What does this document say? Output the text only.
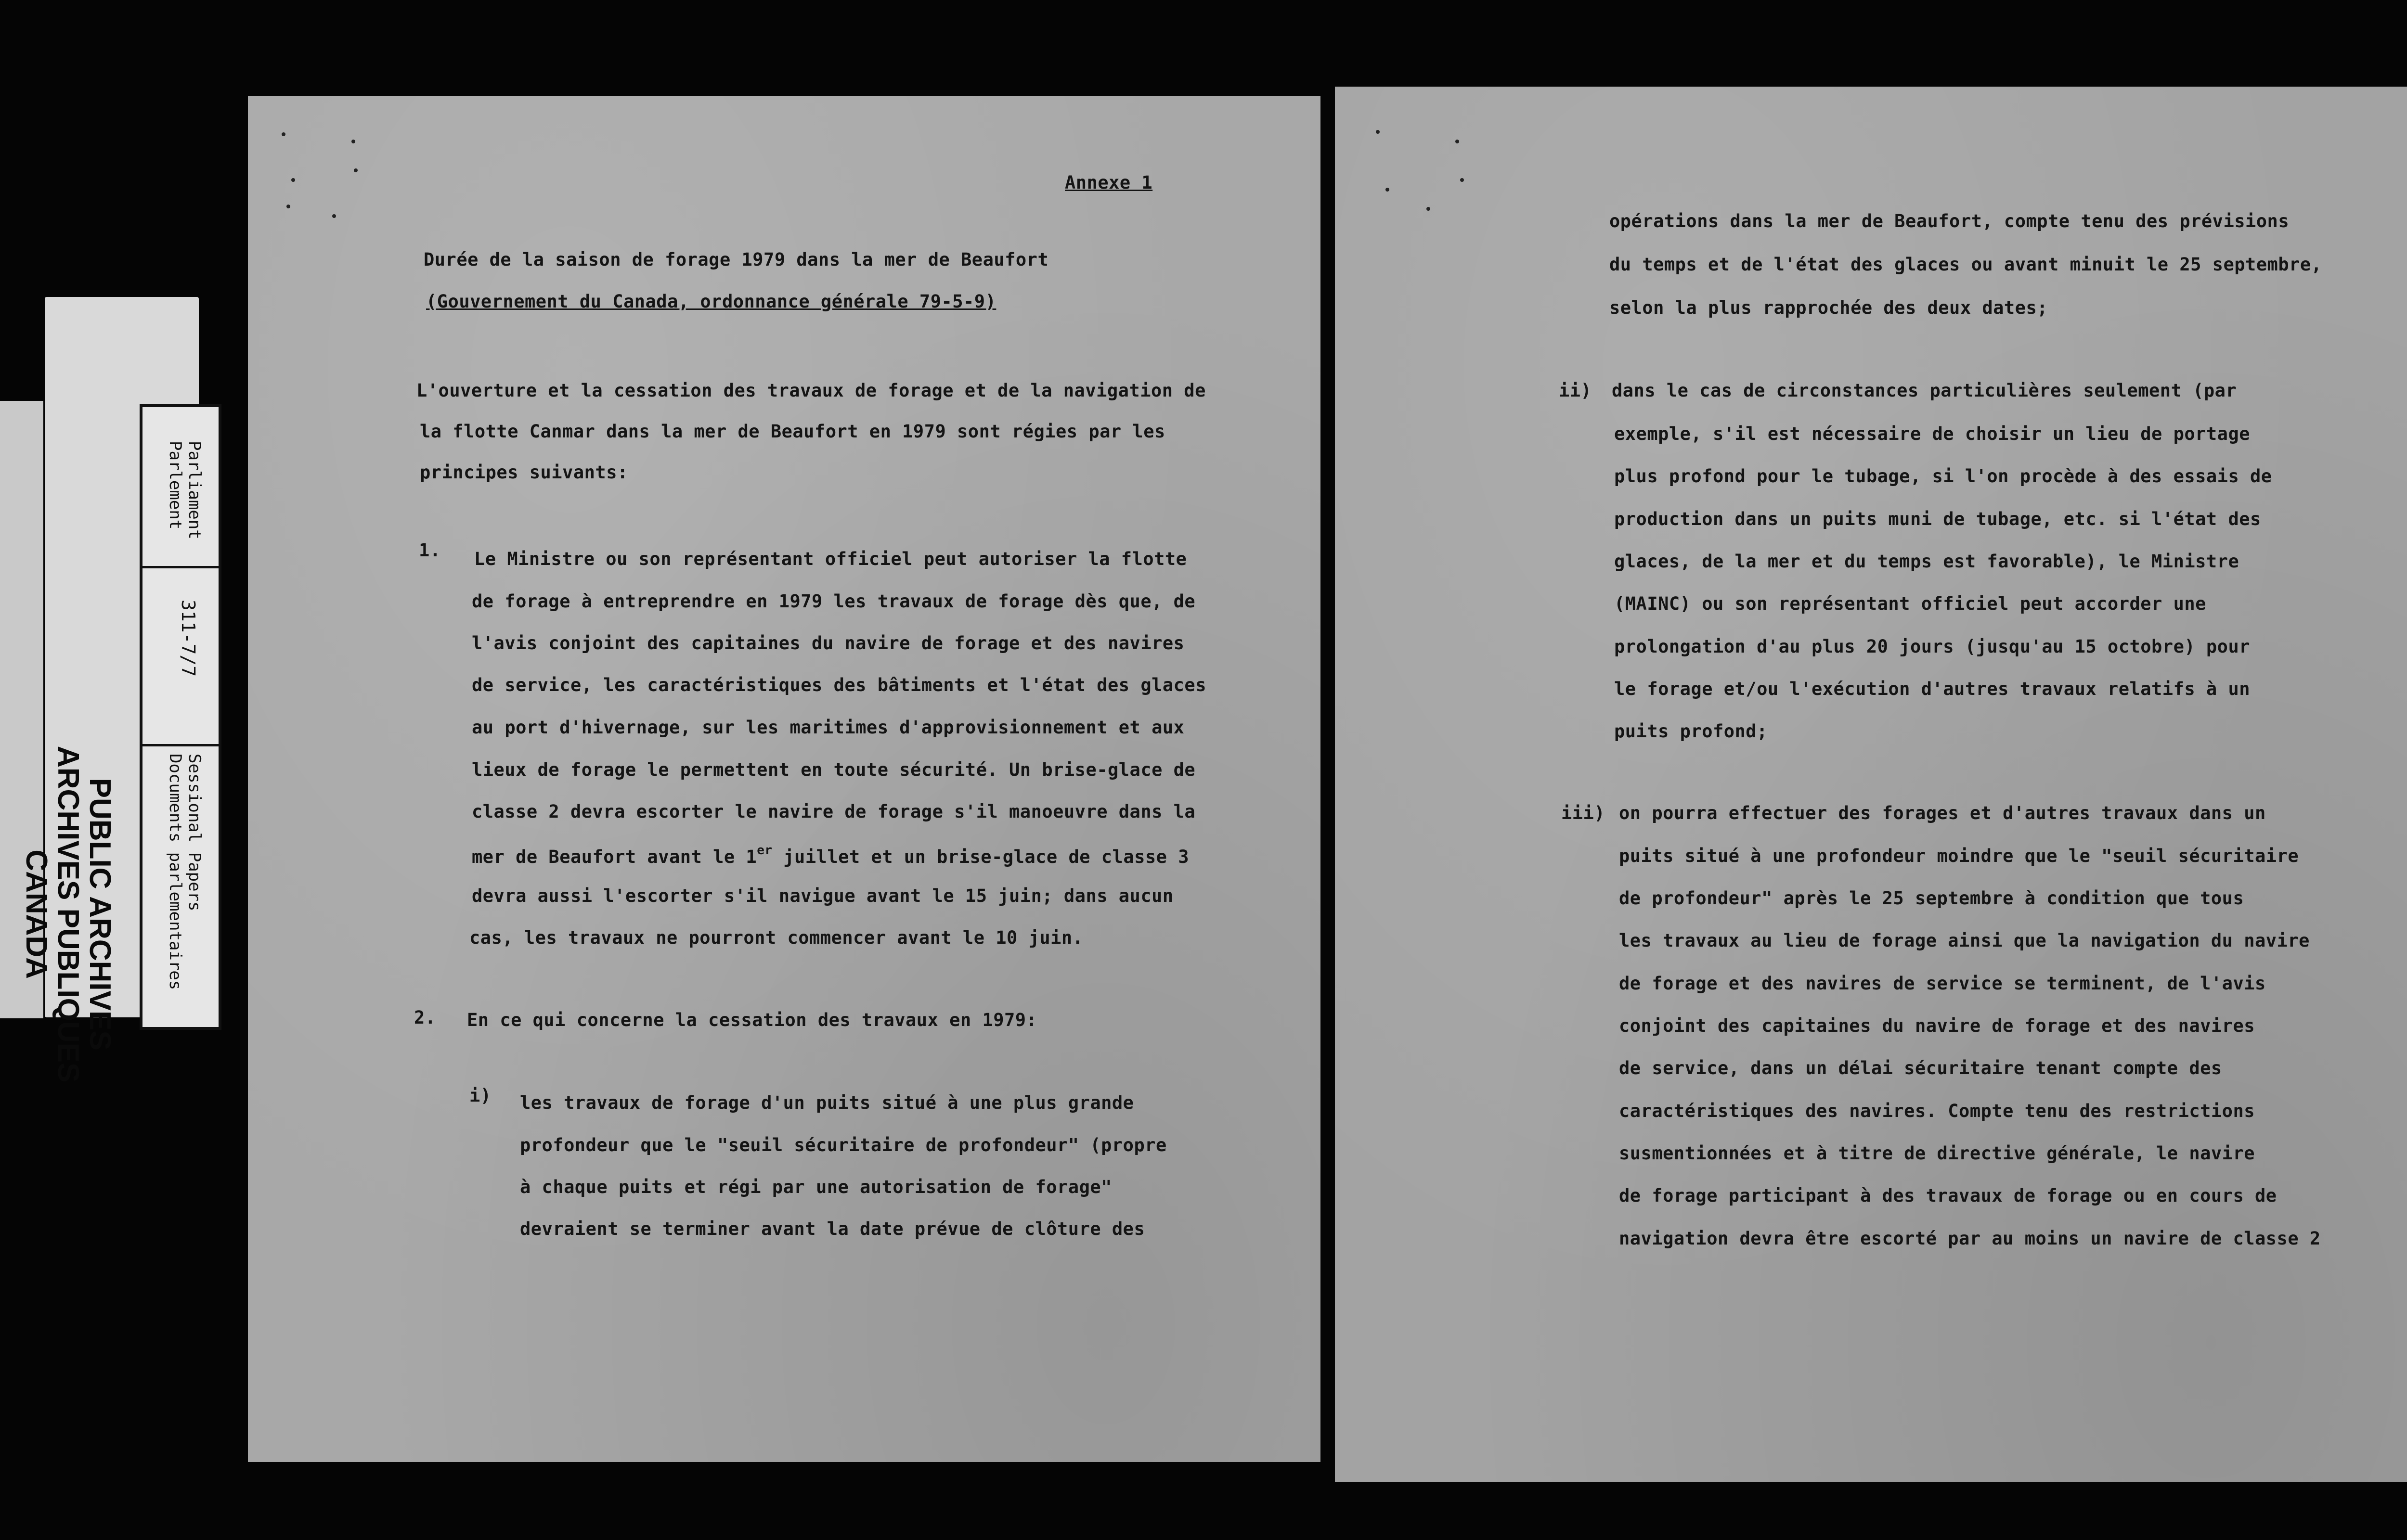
PUBLIC ARCHIVES
ARCHIVES PUBLIQUES
CANADA
Parliament
Parlement
311-7/7
Sessional Papers
Documents parlementaires
Annexe 1
Durée de la saison de forage 1979 dans la mer de Beaufort
(Gouvernement du Canada, ordonnance générale 79-5-9)
L'ouverture et la cessation des travaux de forage et de la navigation de
la flotte Canmar dans la mer de Beaufort en 1979 sont régies par les
principes suivants:
1. Le Ministre ou son représentant officiel peut autoriser la flotte
de forage à entreprendre en 1979 les travaux de forage dès que, de
l'avis conjoint des capitaines du navire de forage et des navires
de service, les caractéristiques des bâtiments et l'état des glaces
au port d'hivernage, sur les maritimes d'approvisionnement et aux
lieux de forage le permettent en toute sécurité. Un brise-glace de
classe 2 devra escorter le navire de forage s'il manoeuvre dans la
mer de Beaufort avant le 1er juillet et un brise-glace de classe 3
devra aussi l'escorter s'il navigue avant le 15 juin; dans aucun
cas, les travaux ne pourront commencer avant le 10 juin.
2. En ce qui concerne la cessation des travaux en 1979:
i) les travaux de forage d'un puits situé à une plus grande
profondeur que le "seuil sécuritaire de profondeur" (propre
à chaque puits et régi par une autorisation de forage"
devraient se terminer avant la date prévue de clôture des
opérations dans la mer de Beaufort, compte tenu des prévisions
du temps et de l'état des glaces ou avant minuit le 25 septembre,
selon la plus rapprochée des deux dates;
ii) dans le cas de circonstances particulières seulement (par
exemple, s'il est nécessaire de choisir un lieu de portage
plus profond pour le tubage, si l'on procède à des essais de
production dans un puits muni de tubage, etc. si l'état des
glaces, de la mer et du temps est favorable), le Ministre
(MAINC) ou son représentant officiel peut accorder une
prolongation d'au plus 20 jours (jusqu'au 15 octobre) pour
le forage et/ou l'exécution d'autres travaux relatifs à un
puits profond;
iii) on pourra effectuer des forages et d'autres travaux dans un
puits situé à une profondeur moindre que le "seuil sécuritaire
de profondeur" après le 25 septembre à condition que tous
les travaux au lieu de forage ainsi que la navigation du navire
de forage et des navires de service se terminent, de l'avis
conjoint des capitaines du navire de forage et des navires
de service, dans un délai sécuritaire tenant compte des
caractéristiques des navires. Compte tenu des restrictions
susmentionnées et à titre de directive générale, le navire
de forage participant à des travaux de forage ou en cours de
navigation devra être escorté par au moins un navire de classe 2
